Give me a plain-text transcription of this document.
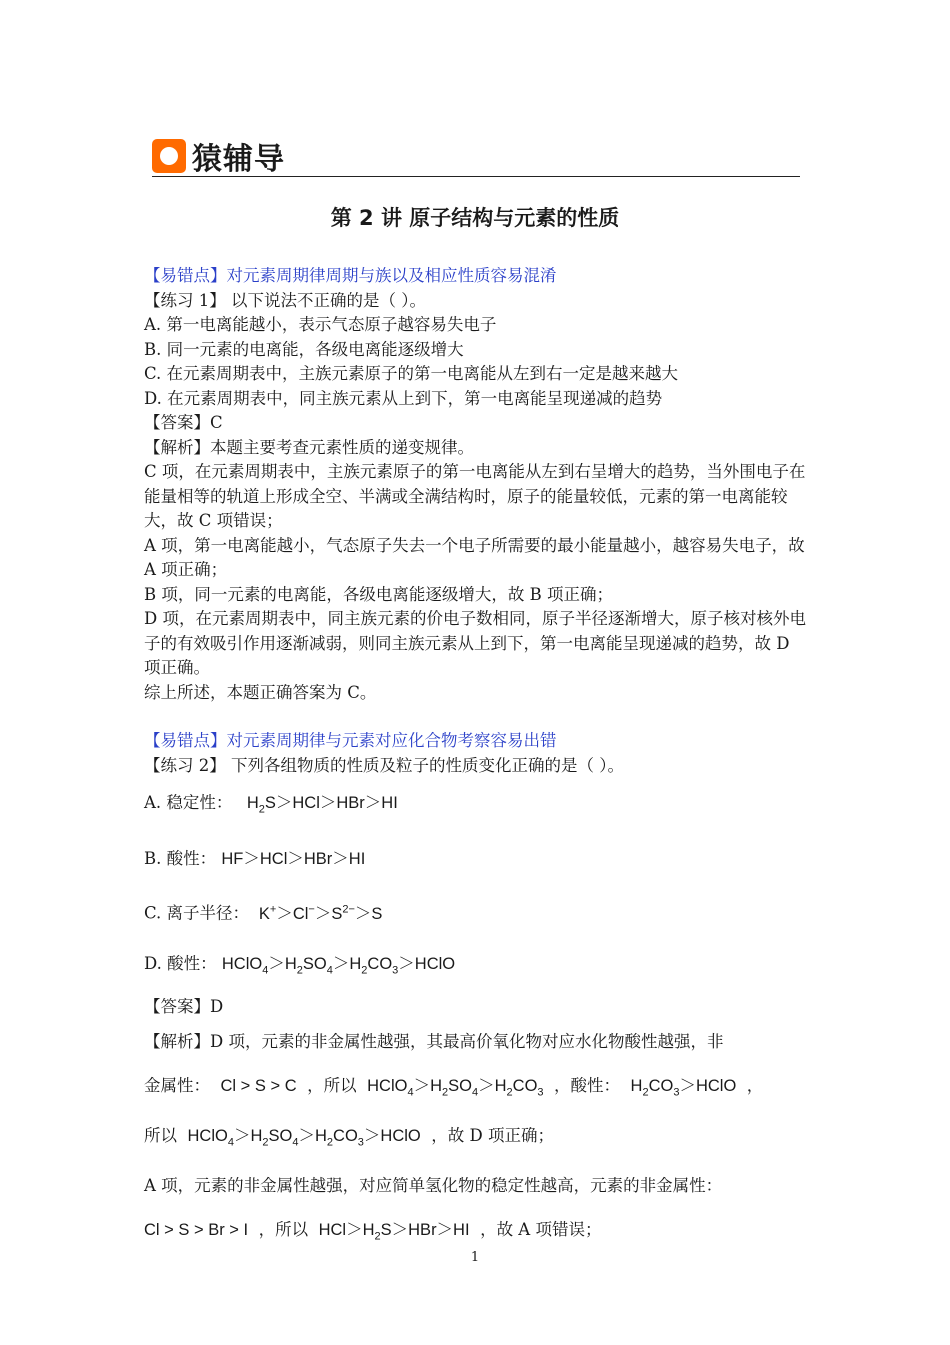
猿辅导
第 2 讲 原子结构与元素的性质
【易错点】对元素周期律周期与族以及相应性质容易混淆
【练习 1】 以下说法不正确的是（ ）。
A. 第一电离能越小，表示气态原子越容易失电子
B. 同一元素的电离能，各级电离能逐级增大
C. 在元素周期表中，主族元素原子的第一电离能从左到右一定是越来越大
D. 在元素周期表中，同主族元素从上到下，第一电离能呈现递减的趋势
【答案】C
【解析】本题主要考查元素性质的递变规律。
C 项，在元素周期表中，主族元素原子的第一电离能从左到右呈增大的趋势，当外围电子在能量相等的轨道上形成全空、半满或全满结构时，原子的能量较低，元素的第一电离能较大，故 C 项错误；
A 项，第一电离能越小，气态原子失去一个电子所需要的最小能量越小，越容易失电子，故 A 项正确；
B 项，同一元素的电离能，各级电离能逐级增大，故 B 项正确；
D 项，在元素周期表中，同主族元素的价电子数相同，原子半径逐渐增大，原子核对核外电子的有效吸引作用逐渐减弱，则同主族元素从上到下，第一电离能呈现递减的趋势，故 D 项正确。
综上所述，本题正确答案为 C。
【易错点】对元素周期律与元素对应化合物考察容易出错
【练习 2】 下列各组物质的性质及粒子的性质变化正确的是（ ）。
A. 稳定性： $H_2S>HCl>HBr>HI$
B. 酸性： HF＞HCl＞HBr＞HI
C. 离子半径： $K^+>Cl^->S^{2-}>S$
D. 酸性： $HClO_4>H_2SO_4>H_2CO_3>HClO$
【答案】D
【解析】D 项，元素的非金属性越强，其最高价氧化物对应水化物酸性越强，非
金属性： Cl > S > C ，所以 $HClO_4>H_2SO_4>H_2CO_3$ ，酸性： $H_2CO_3>HClO$ ，
所以 $HClO_4>H_2SO_4>H_2CO_3>HClO$ ，故 D 项正确；
A 项，元素的非金属性越强，对应简单氢化物的稳定性越高，元素的非金属性：
Cl > S > Br > I ，所以 $HCl>H_2S>HBr>HI$ ，故 A 项错误；
1
